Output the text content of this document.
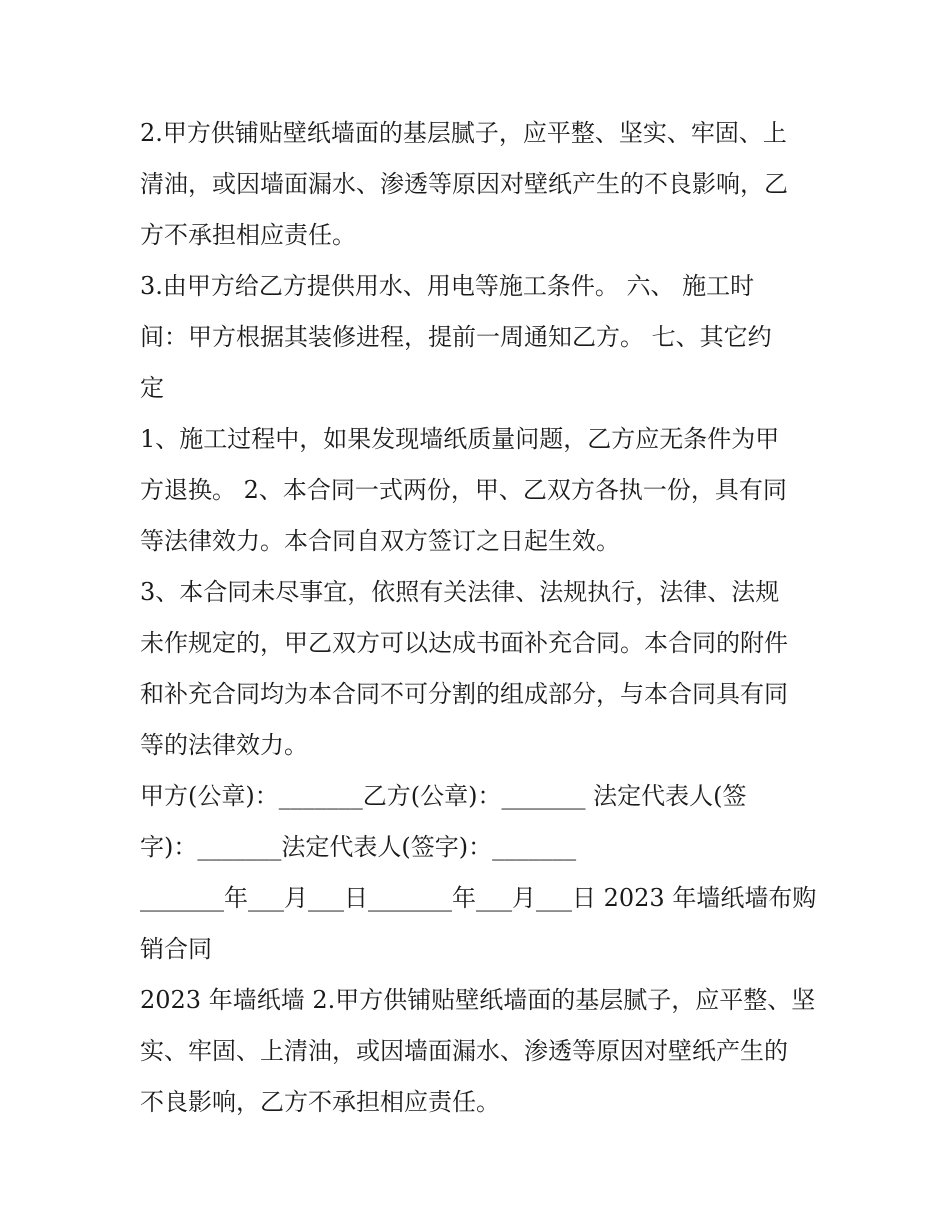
2.甲方供铺贴壁纸墙面的基层腻子，应平整、坚实、牢固、上
清油，或因墙面漏水、渗透等原因对壁纸产生的不良影响，乙
方不承担相应责任。
3.由甲方给乙方提供用水、用电等施工条件。 六、 施工时
间：甲方根据其装修进程，提前一周通知乙方。 七、其它约
定
1、施工过程中，如果发现墙纸质量问题，乙方应无条件为甲
方退换。 2、本合同一式两份，甲、乙双方各执一份，具有同
等法律效力。本合同自双方签订之日起生效。
3、本合同未尽事宜，依照有关法律、法规执行，法律、法规
未作规定的，甲乙双方可以达成书面补充合同。本合同的附件
和补充合同均为本合同不可分割的组成部分，与本合同具有同
等的法律效力。
甲方(公章)：_______乙方(公章)：_______ 法定代表人(签
字)：_______法定代表人(签字)：_______
_______年___月___日_______年___月___日 2023 年墙纸墙布购
销合同
2023 年墙纸墙 2.甲方供铺贴壁纸墙面的基层腻子，应平整、坚
实、牢固、上清油，或因墙面漏水、渗透等原因对壁纸产生的
不良影响，乙方不承担相应责任。
